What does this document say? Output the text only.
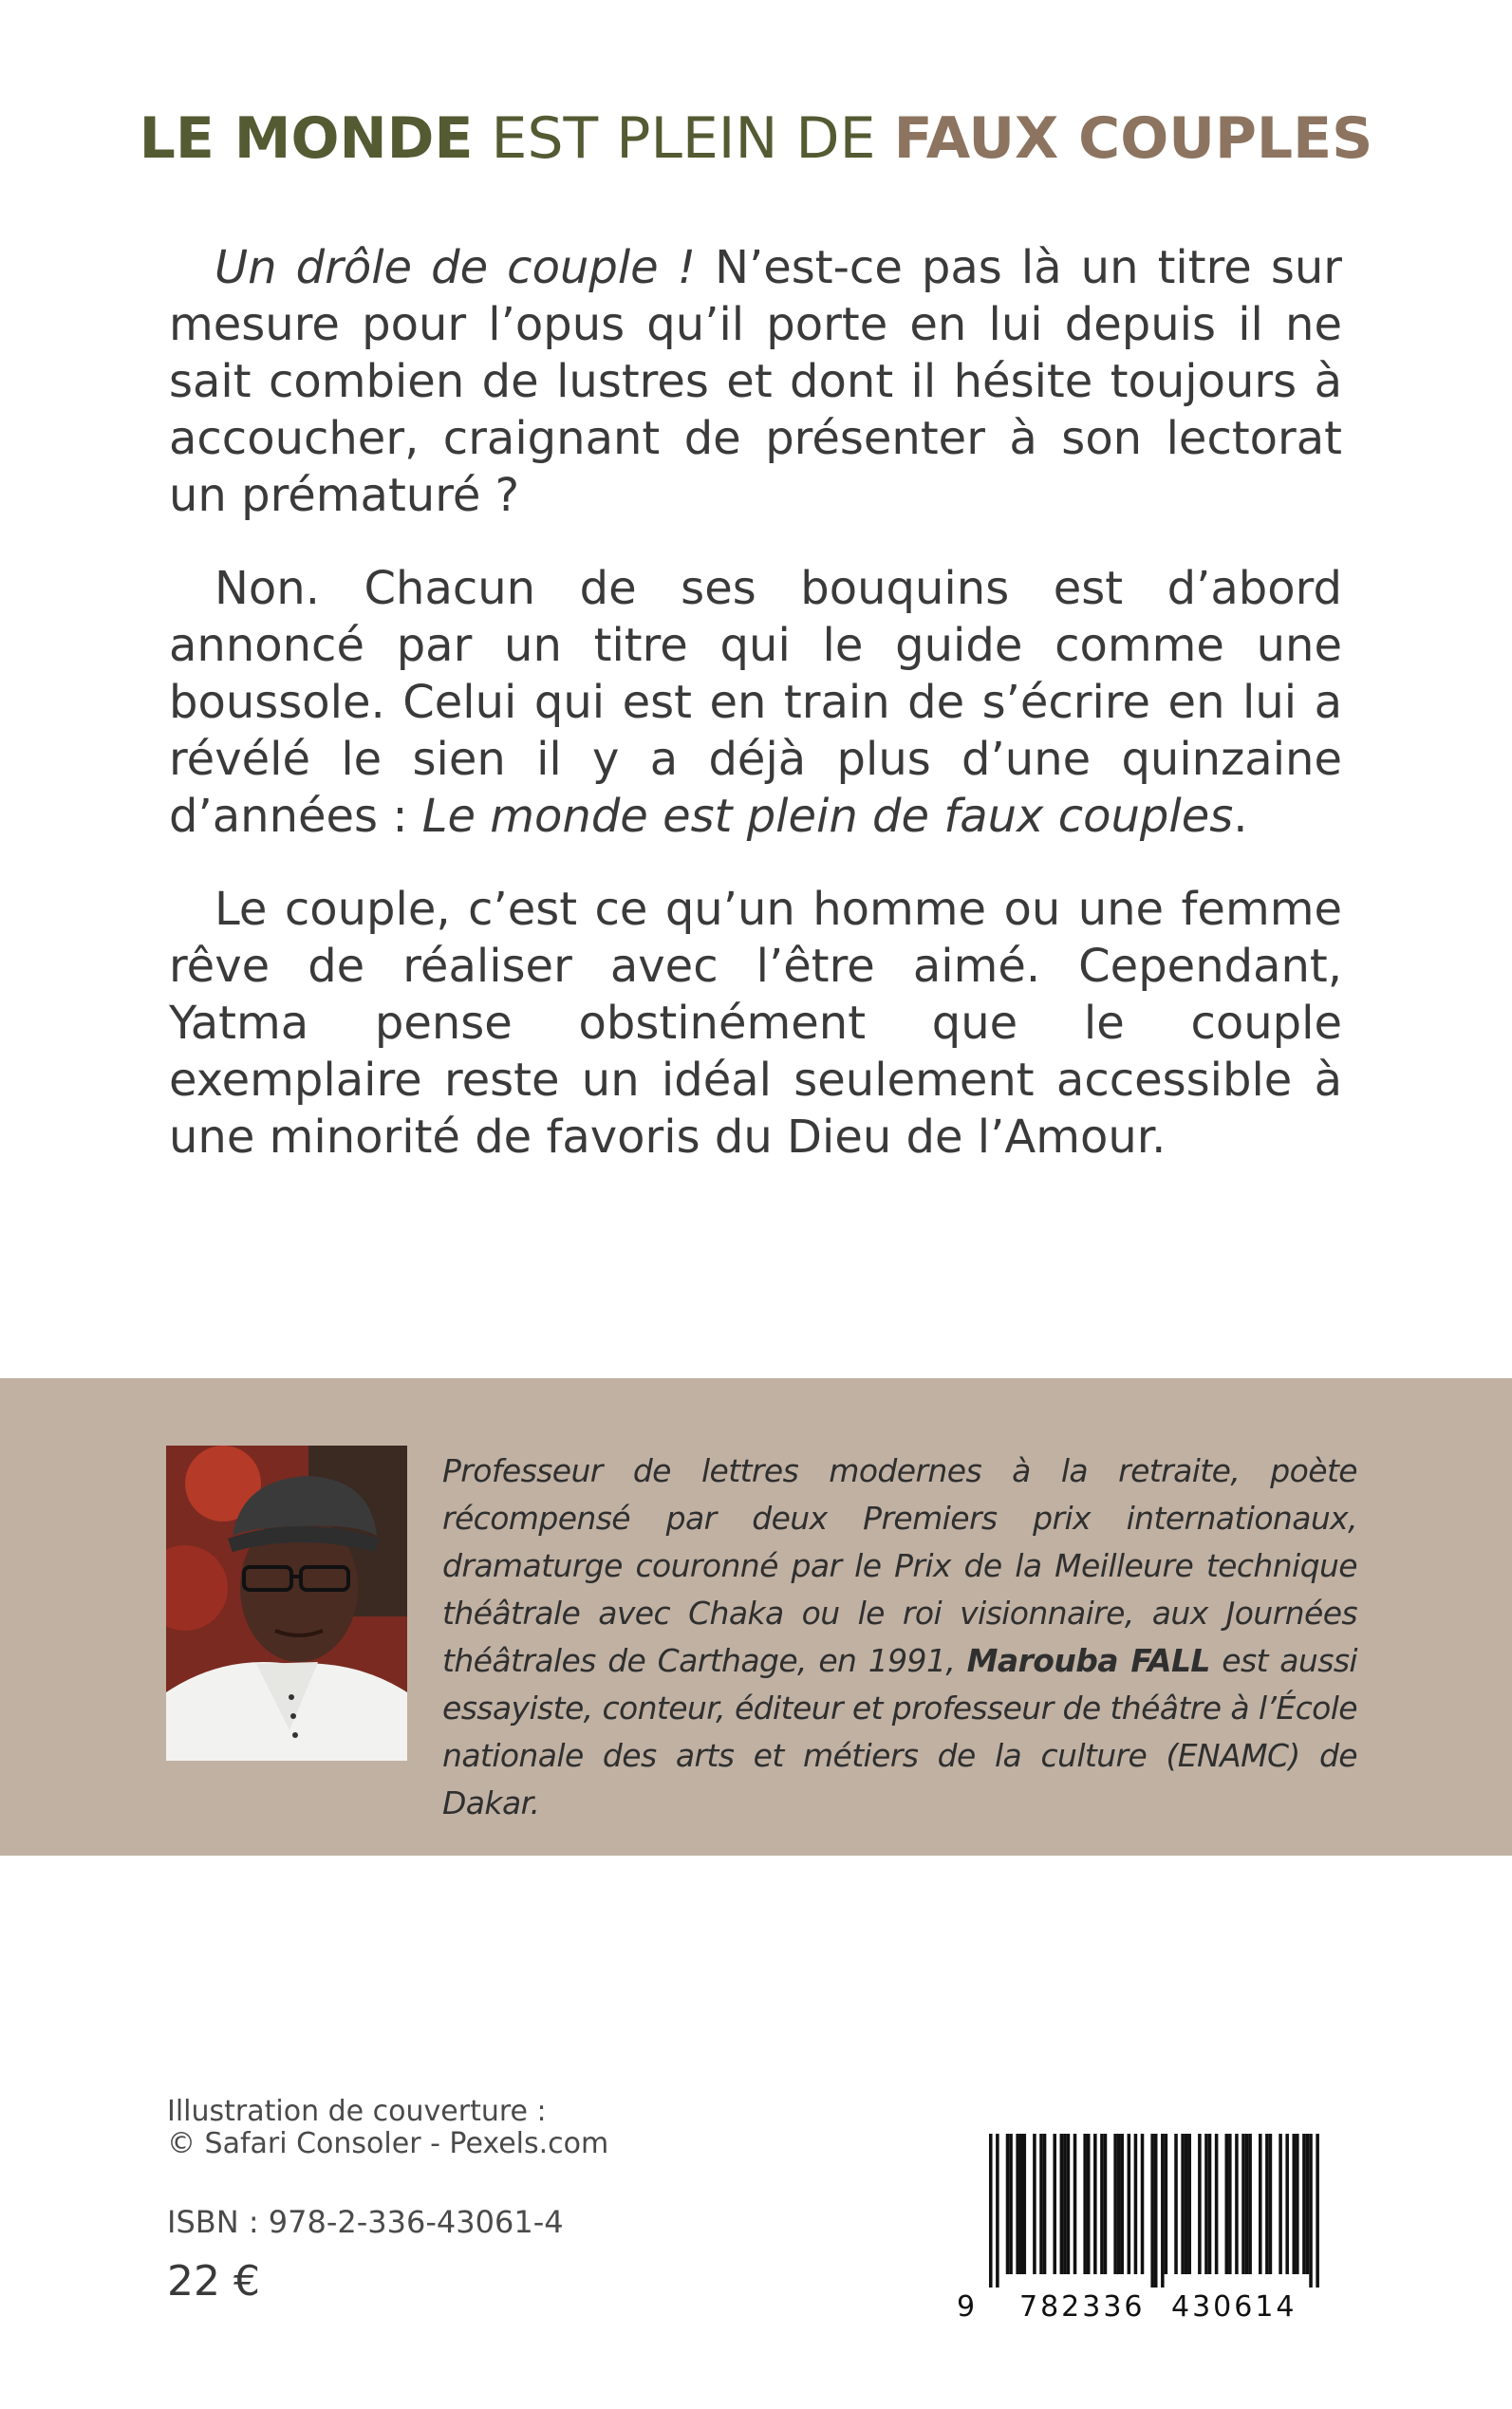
LE MONDE EST PLEIN DE FAUX COUPLES

Un drôle de couple ! N’est-ce pas là un titre sur mesure pour l’opus qu’il porte en lui depuis il ne sait combien de lustres et dont il hésite toujours à accoucher, craignant de présenter à son lectorat un prématuré ?

Non. Chacun de ses bouquins est d’abord annoncé par un titre qui le guide comme une boussole. Celui qui est en train de s’écrire en lui a révélé le sien il y a déjà plus d’une quinzaine d’années : Le monde est plein de faux couples.

Le couple, c’est ce qu’un homme ou une femme rêve de réaliser avec l’être aimé. Cependant, Yatma pense obstinément que le couple exemplaire reste un idéal seulement accessible à une minorité de favoris du Dieu de l’Amour.

Professeur de lettres modernes à la retraite, poète récompensé par deux Premiers prix internationaux, dramaturge couronné par le Prix de la Meilleure technique théâtrale avec Chaka ou le roi visionnaire, aux Journées théâtrales de Carthage, en 1991, Marouba FALL est aussi essayiste, conteur, éditeur et professeur de théâtre à l’École nationale des arts et métiers de la culture (ENAMC) de Dakar.
Illustration de couverture :
© Safari Consoler - Pexels.com
ISBN : 978-2-336-43061-4
22 €
9 782336 430614
